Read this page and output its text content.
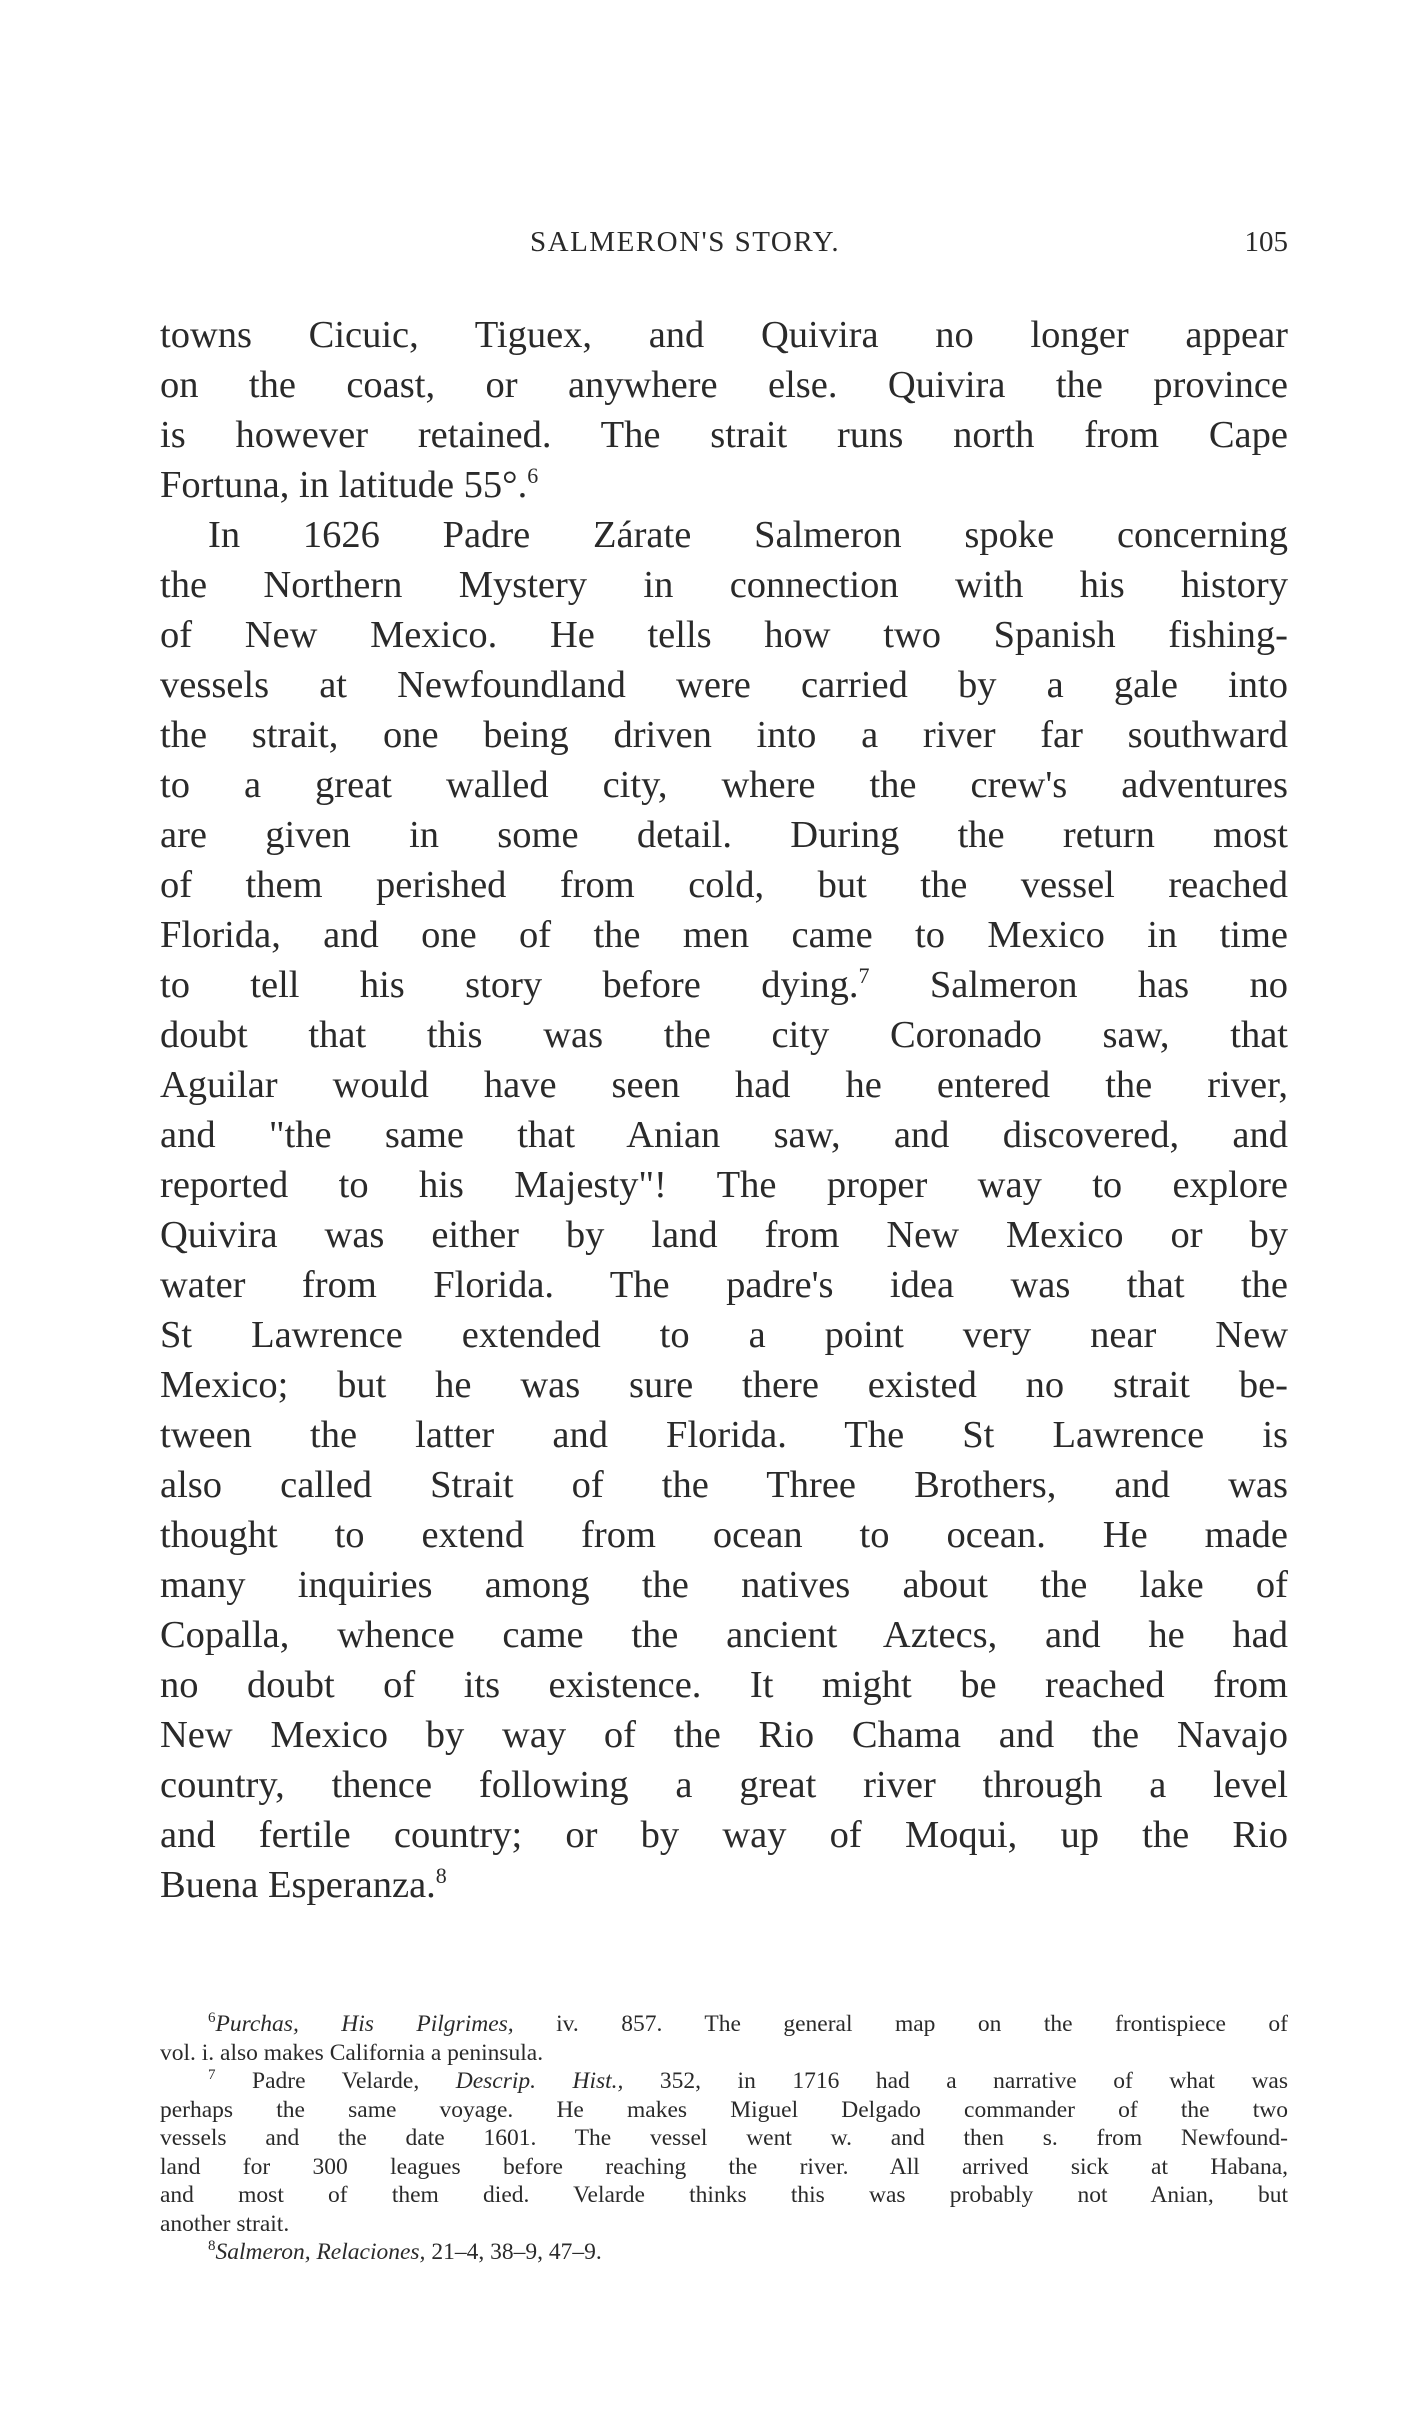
SALMERON'S STORY.	105
towns Cicuic, Tiguex, and Quivira no longer appear
on the coast, or anywhere else. Quivira the province
is however retained. The strait runs north from Cape
Fortuna, in latitude 55°.$^6$
In 1626 Padre Zárate Salmeron spoke concerning
the Northern Mystery in connection with his history
of New Mexico. He tells how two Spanish fishing-
vessels at Newfoundland were carried by a gale into
the strait, one being driven into a river far southward
to a great walled city, where the crew's adventures
are given in some detail. During the return most
of them perished from cold, but the vessel reached
Florida, and one of the men came to Mexico in time
to tell his story before dying.$^7$ Salmeron has no
doubt that this was the city Coronado saw, that
Aguilar would have seen had he entered the river,
and "the same that Anian saw, and discovered, and
reported to his Majesty"! The proper way to explore
Quivira was either by land from New Mexico or by
water from Florida. The padre's idea was that the
St Lawrence extended to a point very near New
Mexico; but he was sure there existed no strait be-
tween the latter and Florida. The St Lawrence is
also called Strait of the Three Brothers, and was
thought to extend from ocean to ocean. He made
many inquiries among the natives about the lake of
Copalla, whence came the ancient Aztecs, and he had
no doubt of its existence. It might be reached from
New Mexico by way of the Rio Chama and the Navajo
country, thence following a great river through a level
and fertile country; or by way of Moqui, up the Rio
Buena Esperanza.$^8$
$^6$Purchas, His Pilgrimes, iv. 857. The general map on the frontispiece of
vol. i. also makes California a peninsula.
$^7$ Padre Velarde, Descrip. Hist., 352, in 1716 had a narrative of what was
perhaps the same voyage. He makes Miguel Delgado commander of the two
vessels and the date 1601. The vessel went w. and then s. from Newfound-
land for 300 leagues before reaching the river. All arrived sick at Habana,
and most of them died. Velarde thinks this was probably not Anian, but
another strait.
$^8$Salmeron, Relaciones, 21–4, 38–9, 47–9.
